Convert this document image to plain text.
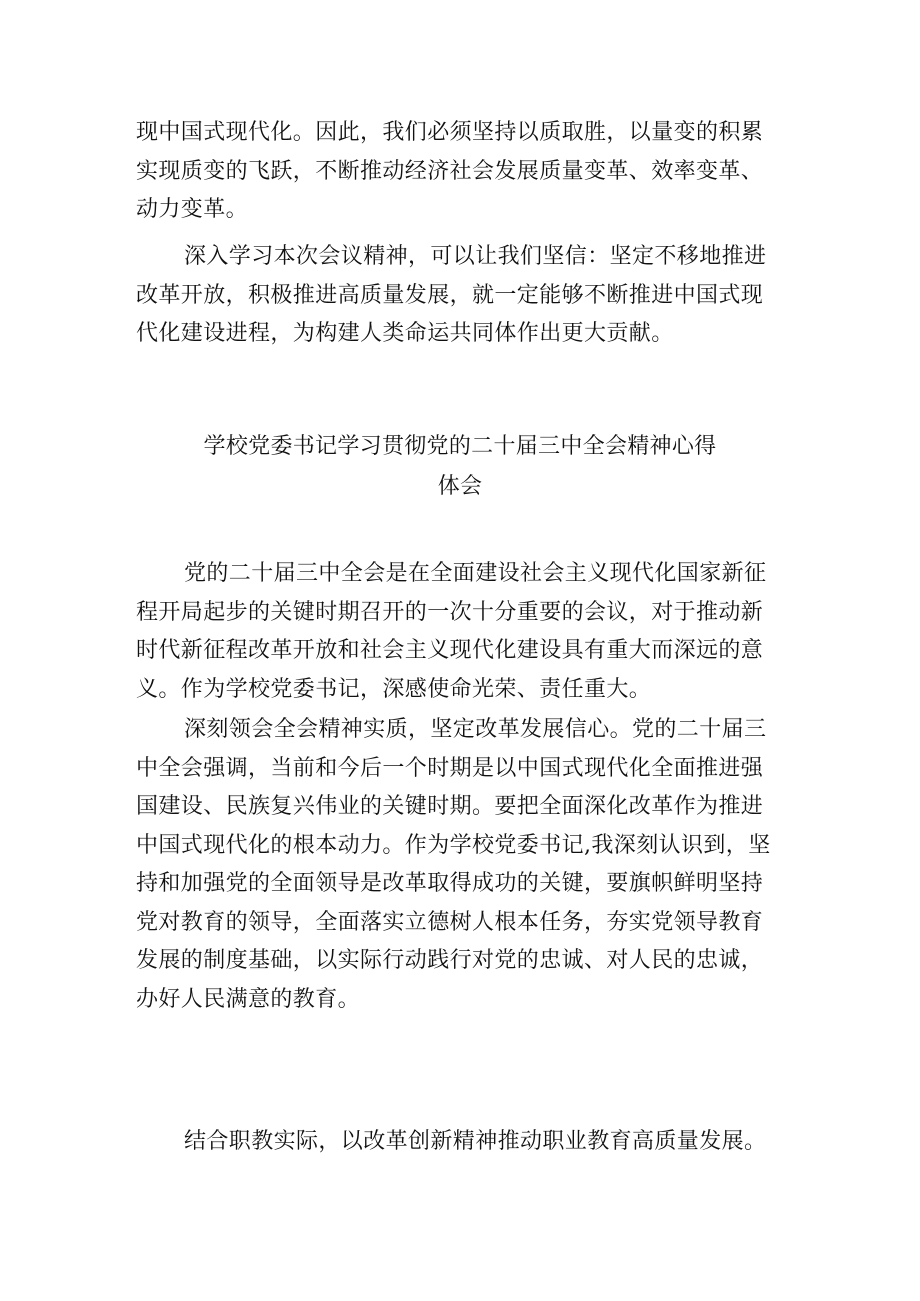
现中国式现代化。因此，我们必须坚持以质取胜，以量变的积累
实现质变的飞跃，不断推动经济社会发展质量变革、效率变革、
动力变革。
深入学习本次会议精神，可以让我们坚信：坚定不移地推进
改革开放，积极推进高质量发展，就一定能够不断推进中国式现
代化建设进程，为构建人类命运共同体作出更大贡献。
学校党委书记学习贯彻党的二十届三中全会精神心得
体会
党的二十届三中全会是在全面建设社会主义现代化国家新征
程开局起步的关键时期召开的一次十分重要的会议，对于推动新
时代新征程改革开放和社会主义现代化建设具有重大而深远的意
义。作为学校党委书记，深感使命光荣、责任重大。
深刻领会全会精神实质，坚定改革发展信心。党的二十届三
中全会强调，当前和今后一个时期是以中国式现代化全面推进强
国建设、民族复兴伟业的关键时期。要把全面深化改革作为推进
中国式现代化的根本动力。作为学校党委书记,我深刻认识到，坚
持和加强党的全面领导是改革取得成功的关键，要旗帜鲜明坚持
党对教育的领导，全面落实立德树人根本任务，夯实党领导教育
发展的制度基础，以实际行动践行对党的忠诚、对人民的忠诚，
办好人民满意的教育。
结合职教实际，以改革创新精神推动职业教育高质量发展。
